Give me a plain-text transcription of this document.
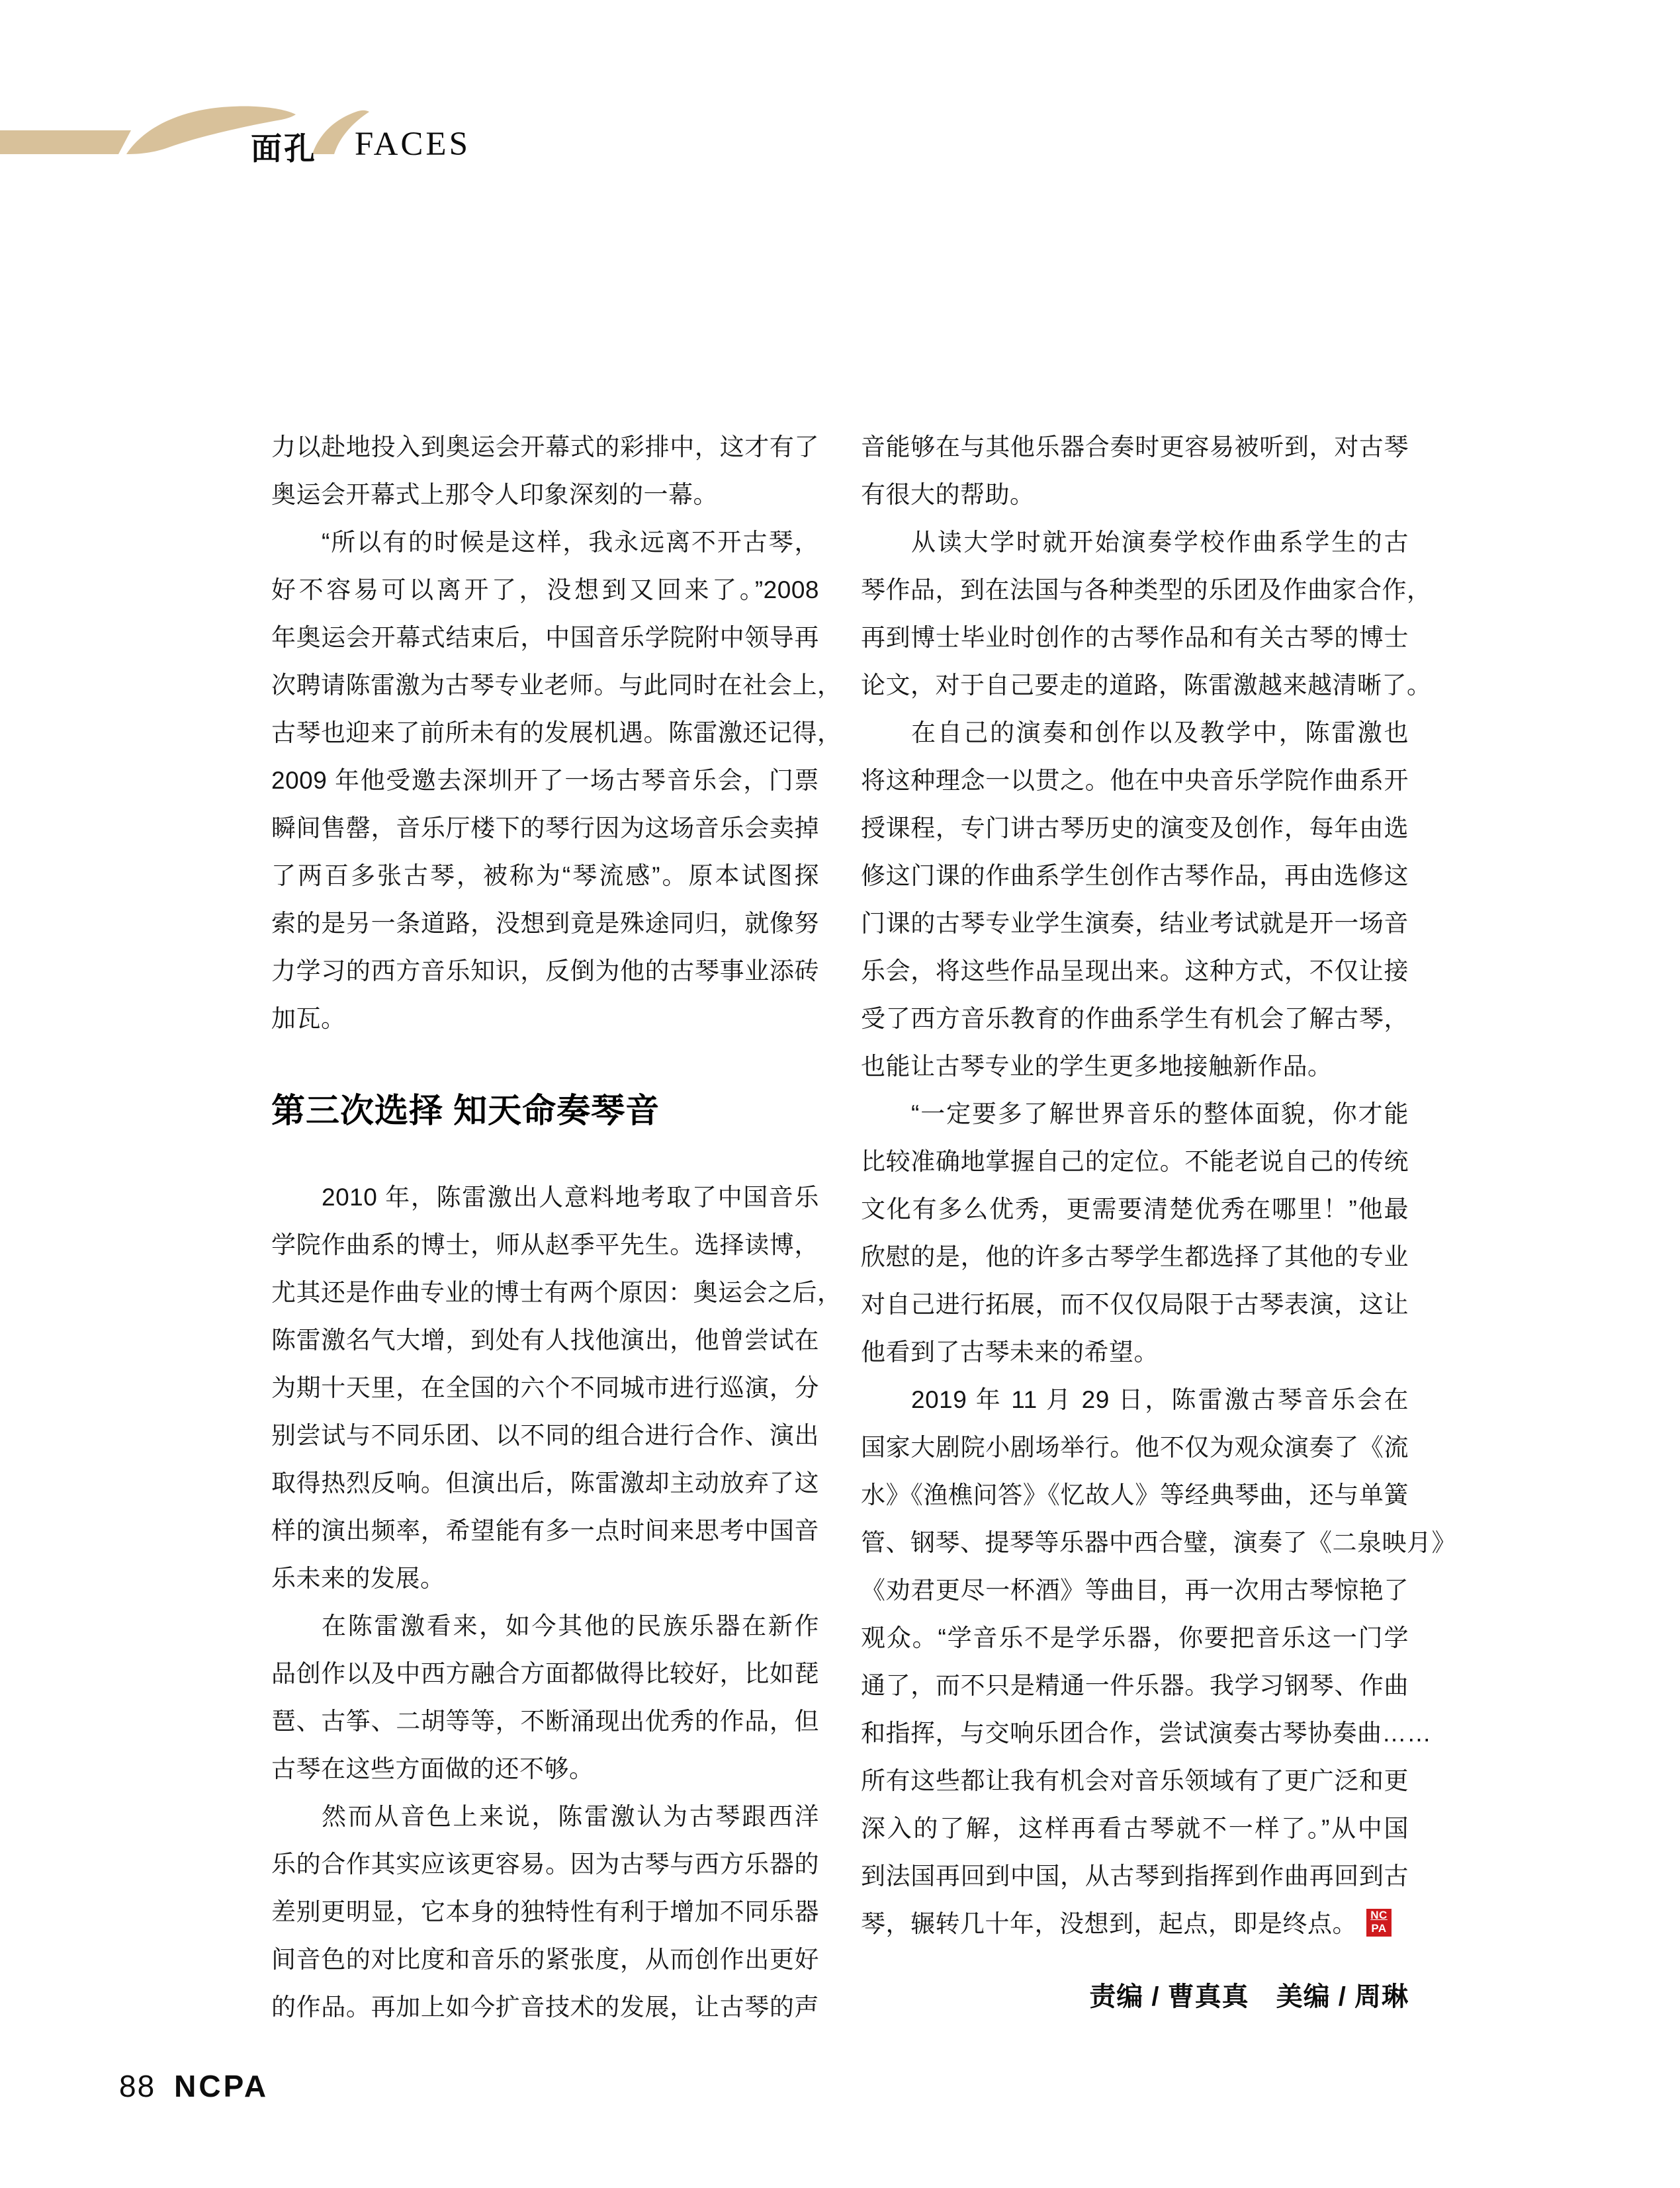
面孔 FACES
力以赴地投入到奥运会开幕式的彩排中，这才有了
奥运会开幕式上那令人印象深刻的一幕。
“所以有的时候是这样，我永远离不开古琴，
好不容易可以离开了，没想到又回来了。”2008
年奥运会开幕式结束后，中国音乐学院附中领导再
次聘请陈雷激为古琴专业老师。与此同时在社会上，
古琴也迎来了前所未有的发展机遇。陈雷激还记得，
2009 年他受邀去深圳开了一场古琴音乐会，门票
瞬间售罄，音乐厅楼下的琴行因为这场音乐会卖掉
了两百多张古琴，被称为“琴流感”。原本试图探
索的是另一条道路，没想到竟是殊途同归，就像努
力学习的西方音乐知识，反倒为他的古琴事业添砖
加瓦。
第三次选择 知天命奏琴音
2010 年，陈雷激出人意料地考取了中国音乐
学院作曲系的博士，师从赵季平先生。选择读博，
尤其还是作曲专业的博士有两个原因：奥运会之后，
陈雷激名气大增，到处有人找他演出，他曾尝试在
为期十天里，在全国的六个不同城市进行巡演，分
别尝试与不同乐团、以不同的组合进行合作、演出
取得热烈反响。但演出后，陈雷激却主动放弃了这
样的演出频率，希望能有多一点时间来思考中国音
乐未来的发展。
在陈雷激看来，如今其他的民族乐器在新作
品创作以及中西方融合方面都做得比较好，比如琵
琶、古筝、二胡等等，不断涌现出优秀的作品，但
古琴在这些方面做的还不够。
然而从音色上来说，陈雷激认为古琴跟西洋
乐的合作其实应该更容易。因为古琴与西方乐器的
差别更明显，它本身的独特性有利于增加不同乐器
间音色的对比度和音乐的紧张度，从而创作出更好
的作品。再加上如今扩音技术的发展，让古琴的声
音能够在与其他乐器合奏时更容易被听到，对古琴
有很大的帮助。
从读大学时就开始演奏学校作曲系学生的古
琴作品，到在法国与各种类型的乐团及作曲家合作，
再到博士毕业时创作的古琴作品和有关古琴的博士
论文，对于自己要走的道路，陈雷激越来越清晰了。
在自己的演奏和创作以及教学中，陈雷激也
将这种理念一以贯之。他在中央音乐学院作曲系开
授课程，专门讲古琴历史的演变及创作，每年由选
修这门课的作曲系学生创作古琴作品，再由选修这
门课的古琴专业学生演奏，结业考试就是开一场音
乐会，将这些作品呈现出来。这种方式，不仅让接
受了西方音乐教育的作曲系学生有机会了解古琴，
也能让古琴专业的学生更多地接触新作品。
“一定要多了解世界音乐的整体面貌，你才能
比较准确地掌握自己的定位。不能老说自己的传统
文化有多么优秀，更需要清楚优秀在哪里！”他最
欣慰的是，他的许多古琴学生都选择了其他的专业
对自己进行拓展，而不仅仅局限于古琴表演，这让
他看到了古琴未来的希望。
2019 年 11 月 29 日，陈雷激古琴音乐会在
国家大剧院小剧场举行。他不仅为观众演奏了《流
水》《渔樵问答》《忆故人》等经典琴曲，还与单簧
管、钢琴、提琴等乐器中西合璧，演奏了《二泉映月》
《劝君更尽一杯酒》等曲目，再一次用古琴惊艳了
观众。“学音乐不是学乐器，你要把音乐这一门学
通了，而不只是精通一件乐器。我学习钢琴、作曲
和指挥，与交响乐团合作，尝试演奏古琴协奏曲……
所有这些都让我有机会对音乐领域有了更广泛和更
深入的了解，这样再看古琴就不一样了。”从中国
到法国再回到中国，从古琴到指挥到作曲再回到古
琴，辗转几十年，没想到，起点，即是终点。 $\frac{NC}{PA}$
责编 / 曹真真　美编 / 周琳
88 NCPA
